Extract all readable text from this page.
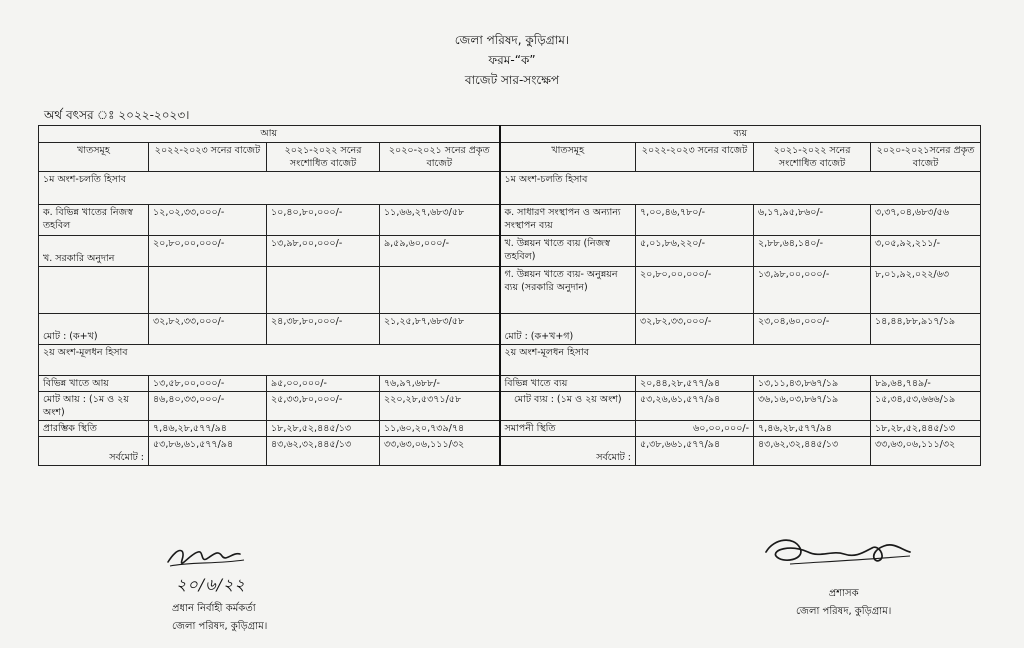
জেলা পরিষদ, কুড়িগ্রাম।
ফরম-“ক”
বাজেট সার-সংক্ষেপ
অর্থ বৎসর ঃ ২০২২-২০২৩।
আয়				ব্যয়			
খাতসমূহ	২০২২-২০২৩ সনের বাজেট	২০২১-২০২২ সনের সংশোধিত বাজেট	২০২০-২০২১ সনের প্রকৃত বাজেট	খাতসমূহ	২০২২-২০২৩ সনের বাজেট	২০২১-২০২২ সনের সংশোধিত বাজেট	২০২০-২০২১সনের প্রকৃত বাজেট
১ম অংশ-চলতি হিসাব				১ম অংশ-চলতি হিসাব			
ক. বিভিন্ন খাতের নিজস্ব তহবিল	১২,০২,৩৩,০০০/-	১০,৪০,৮০,০০০/-	১১,৬৬,২৭,৬৮৩/৫৮	ক. সাধারণ সংস্থাপন ও অন্যান্য সংস্থাপন ব্যয়	৭,০০,৪৬,৭৮০/-	৬,১৭,৯৫,৮৬০/-	৩,৩৭,০৪,৬৮৩/৫৬
খ. সরকারি অনুদান	২০,৮০,০০,০০০/-	১৩,৯৮,০০,০০০/-	৯,৫৯,৬০,০০০/-	খ. উন্নয়ন খাতে ব্যয় (নিজস্ব তহবিল)	৫,০১,৮৬,২২০/-	২,৮৮,৬৪,১৪০/-	৩,০৫,৯২,২১১/-
				গ. উন্নয়ন খাতে ব্যয়- অনুন্নয়ন ব্যয় (সরকারি অনুদান)	২০,৮০,০০,০০০/-	১৩,৯৮,০০,০০০/-	৮,০১,৯২,০২২/৬৩
মোট : (ক+খ)	৩২,৮২,৩৩,০০০/-	২৪,৩৮,৮০,০০০/-	২১,২৫,৮৭,৬৮৩/৫৮	মোট : (ক+খ+গ)	৩২,৮২,৩৩,০০০/-	২৩,০৪,৬০,০০০/-	১৪,৪৪,৮৮,৯১৭/১৯
২য় অংশ-মূলধন হিসাব				২য় অংশ-মূলধন হিসাব			
বিভিন্ন খাতে আয়	১৩,৫৮,০০,০০০/-	৯৫,০০,০০০/-	৭৬,৯৭,৬৮৮/-	বিভিন্ন খাতে ব্যয়	২০,৪৪,২৮,৫৭৭/৯৪	১৩,১১,৪৩,৮৬৭/১৯	৮৯,৬৪,৭৪৯/-
মোট আয় : (১ম ও ২য় অংশ)	৪৬,৪০,৩৩,০০০/-	২৫,৩৩,৮০,০০০/-	২২০,২৮,৫৩৭১/৫৮	মোট ব্যয় : (১ম ও ২য় অংশ)	৫৩,২৬,৬১,৫৭৭/৯৪	৩৬,১৬,০৩,৮৬৭/১৯	১৫,৩৪,৫৩,৬৬৬/১৯
প্রারম্ভিক স্থিতি	৭,৪৬,২৮,৫৭৭/৯৪	১৮,২৮,৫২,৪৪৫/১৩	১১,৬০,২০,৭৩৯/৭৪	সমাপনী স্থিতি	৬০,০০,০০০/-	৭,৪৬,২৮,৫৭৭/৯৪	১৮,২৮,৫২,৪৪৫/১৩
সর্বমোট :	৫৩,৮৬,৬১,৫৭৭/৯৪	৪৩,৬২,৩২,৪৪৫/১৩	৩৩,৬৩,০৬,১১১/৩২	সর্বমোট :	৫,৩৮,৬৬১,৫৭৭/৯৪	৪৩,৬২,৩২,৪৪৫/১৩	৩৩,৬৩,০৬,১১১/৩২
২০/৬/২২
প্রধান নির্বাহী কর্মকর্তা
জেলা পরিষদ, কুড়িগ্রাম।
প্রশাসক
জেলা পরিষদ, কুড়িগ্রাম।
